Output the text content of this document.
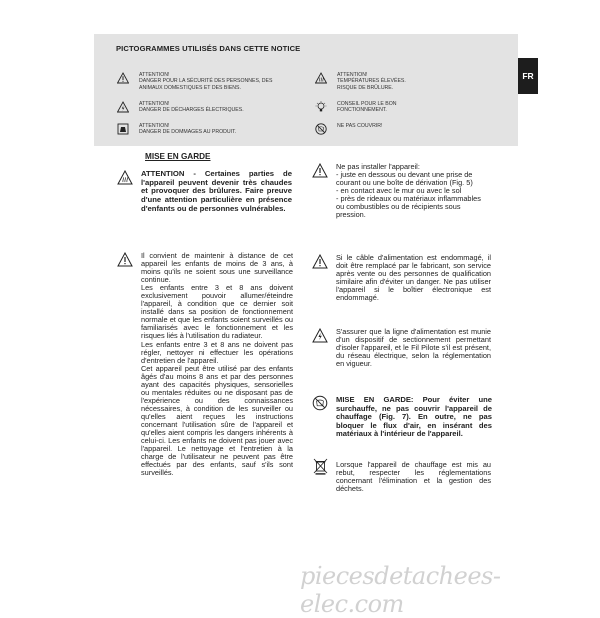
PICTOGRAMMES UTILISÉS DANS CETTE NOTICE
ATTENTION!
DANGER POUR LA SÉCURITÉ DES PERSONNES, DES
ANIMAUX DOMESTIQUES ET DES BIENS.
ATTENTION!
DANGER DE DÉCHARGES ÉLECTRIQUES.
ATTENTION!
DANGER DE DOMMAGES AU PRODUIT.
ATTENTION!
TEMPÉRATURES ÉLEVÉES.
RISQUE DE BRÛLURE.
CONSEIL POUR LE BON
FONCTIONNEMENT.
NE PAS COUVRIR!
FR
MISE EN GARDE
ATTENTION - Certaines parties de l'appareil peuvent devenir très chaudes et provoquer des brûlures. Faire preuve d'une attention particulière en présence d'enfants ou de personnes vulnérables.

Il convient de maintenir à distance de cet appareil les enfants de moins de 3 ans, à moins qu'ils ne soient sous une surveillance continue.

Les enfants entre 3 et 8 ans doivent exclusivement pouvoir allumer/éteindre l'appareil, à condition que ce dernier soit installé dans sa position de fonctionnement normale et que les enfants soient surveillés ou familiarisés avec le fonctionnement et les risques liés à l'utilisation du radiateur.

Les enfants entre 3 et 8 ans ne doivent pas régler, nettoyer ni effectuer les opérations d'entretien de l'appareil.

Cet appareil peut être utilisé par des enfants âgés d'au moins 8 ans et par des personnes ayant des capacités physiques, sensorielles ou mentales réduites ou ne disposant pas de l'expérience ou des connaissances nécessaires, à condition de les surveiller ou qu'elles aient reçues les instructions concernant l'utilisation sûre de l'appareil et qu'elles aient compris les dangers inhérents à celui-ci. Les enfants ne doivent pas jouer avec l'appareil. Le nettoyage et l'entretien à la charge de l'utilisateur ne peuvent pas être effectués par des enfants, sauf s'ils sont surveillés.

Ne pas installer l'appareil:

- juste en dessous ou devant une prise de courant ou une boîte de dérivation (Fig. 5)

- en contact avec le mur ou avec le sol

- près de rideaux ou matériaux inflammables ou combustibles ou de récipients sous pression.

Si le câble d'alimentation est endommagé, il doit être remplacé par le fabricant, son service après vente ou des personnes de qualification similaire afin d'éviter un danger. Ne pas utiliser l'appareil si le boîtier électronique est endommagé.
S'assurer que la ligne d'alimentation est munie d'un dispositif de sectionnement permettant d'isoler l'appareil, et le Fil Pilote s'il est présent, du réseau électrique, selon la réglementation en vigueur.
MISE EN GARDE: Pour éviter une surchauffe, ne pas couvrir l'appareil de chauffage (Fig. 7). En outre, ne pas bloquer le flux d'air, en insérant des matériaux à l'intérieur de l'appareil.
Lorsque l'appareil de chauffage est mis au rebut, respecter les réglementations concernant l'élimination et la gestion des déchets.
piecesdetachees-elec.com
